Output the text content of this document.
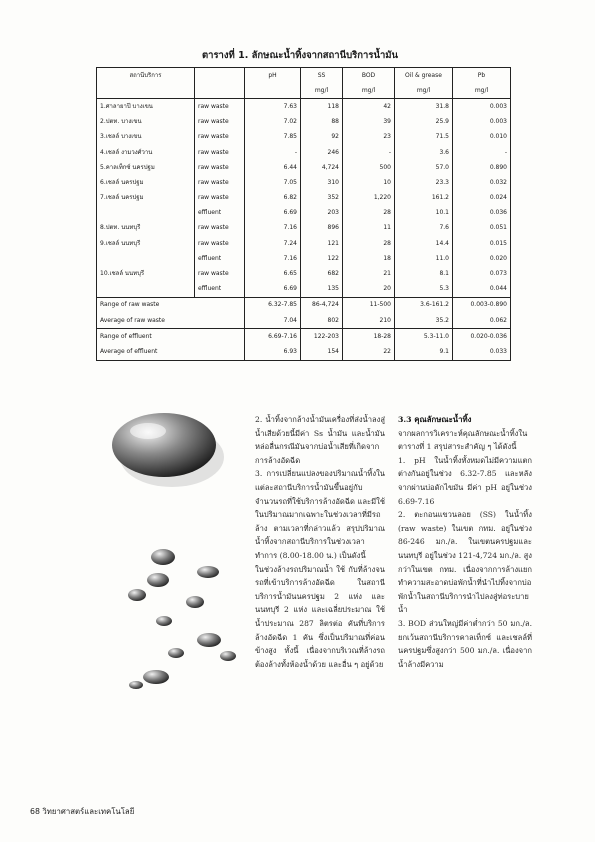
ตารางที่ 1. ลักษณะน้ำทิ้งจากสถานีบริการน้ำมัน
สถานีบริการ		pH	SS	BOD	Oil & grease	Pb
			mg/l	mg/l	mg/l	mg/l
1.ศาลายาปี บางเขน	raw waste	7.63	118	42	31.8	0.003
2.ปตท. บางเขน	raw waste	7.02	88	39	25.9	0.003
3.เชลล์ บางเขน	raw waste	7.85	92	23	71.5	0.010
4.เชลล์ งามวงศ์วาน	raw waste	-	246	-	3.6	-
5.คาลเท็กซ์ นครปฐม	raw waste	6.44	4,724	500	57.0	0.890
6.เชลล์ นครปฐม	raw waste	7.05	310	10	23.3	0.032
7.เชลล์ นครปฐม	raw waste	6.82	352	1,220	161.2	0.024
	effluent	6.69	203	28	10.1	0.036
8.ปตท. นนทบุรี	raw waste	7.16	896	11	7.6	0.051
9.เชลล์ นนทบุรี	raw waste	7.24	121	28	14.4	0.015
	effluent	7.16	122	18	11.0	0.020
10.เชลล์ นนทบุรี	raw waste	6.65	682	21	8.1	0.073
	effluent	6.69	135	20	5.3	0.044
Range of raw waste		6.32-7.85	86-4,724	11-500	3.6-161.2	0.003-0.890
Average of raw waste		7.04	802	210	35.2	0.062
Range of effluent		6.69-7.16	122-203	18-28	5.3-11.0	0.020-0.036
Average of effluent		6.93	154	22	9.1	0.033

2. น้ำทิ้งจากล้างน้ำมันเครื่องที่ส่งน้ำลงสู่น้ำเสียด้วยนี้มีค่า Ss น้ำมัน และน้ำมันหล่อลื่นกรณีมันจากบ่อน้ำเสียที่เกิดจากการล้างอัดฉีด

3. การเปลี่ยนแปลงของปริมาณน้ำทิ้งในแต่ละสถานีบริการน้ำมันขึ้นอยู่กับจำนวนรถที่ใช้บริการล้างอัดฉีด และมีใช้ในปริมาณมากเฉพาะในช่วงเวลาที่มีรถล้าง ตามเวลาที่กล่าวแล้ว สรุปปริมาณน้ำทิ้งจากสถานีบริการในช่วงเวลาทำการ (8.00-18.00 น.) เป็นดังนี้

ในช่วงล้างรถปริมาณน้ำ ใช้ กับที่ล้างจนรถที่เข้าบริการล้างอัดฉีด ในสถานีบริการน้ำมันนครปฐม 2 แห่ง และนนทบุรี 2 แห่ง และเฉลี่ยประมาณ ใช้น้ำประมาณ 287 ลิตรต่อ คันที่บริการล้างอัดฉีด 1 คัน ซึ่งเป็นปริมาณที่ค่อนข้างสูง ทั้งนี้ เนื่องจากบริเวณที่ล้างรถ ต้องล้างทั้งห้องน้ำด้วย และอื่น ๆ อยู่ด้วย

3.3 คุณลักษณะน้ำทิ้ง

จากผลการวิเคราะห์คุณลักษณะน้ำทิ้งในตารางที่ 1 สรุปสาระสำคัญ ๆ ได้ดังนี้

1. pH ในน้ำทิ้งทั้งหมดไม่มีความแตกต่างกันอยู่ในช่วง 6.32-7.85 และหลังจากผ่านบ่อดักไขมัน มีค่า pH อยู่ในช่วง 6.69-7.16

2. ตะกอนแขวนลอย (SS) ในน้ำทิ้ง (raw waste) ในเขต กทม. อยู่ในช่วง 86-246 มก./ล. ในเขตนครปฐมและนนทบุรี อยู่ในช่วง 121-4,724 มก./ล. สูงกว่าในเขต กทม. เนื่องจากการล้างแยกทำความสะอาดบ่อพักน้ำที่นำไปทิ้งจากบ่อพักน้ำในสถานีบริการนำไปลงสู่ท่อระบายน้ำ

3. BOD ส่วนใหญ่มีค่าต่ำกว่า 50 มก./ล. ยกเว้นสถานีบริการคาลเท็กซ์ และเชลล์ที่นครปฐมซึ่งสูงกว่า 500 มก./ล. เนื่องจากน้ำล้างมีความ

68 วิทยาศาสตร์และเทคโนโลยี
